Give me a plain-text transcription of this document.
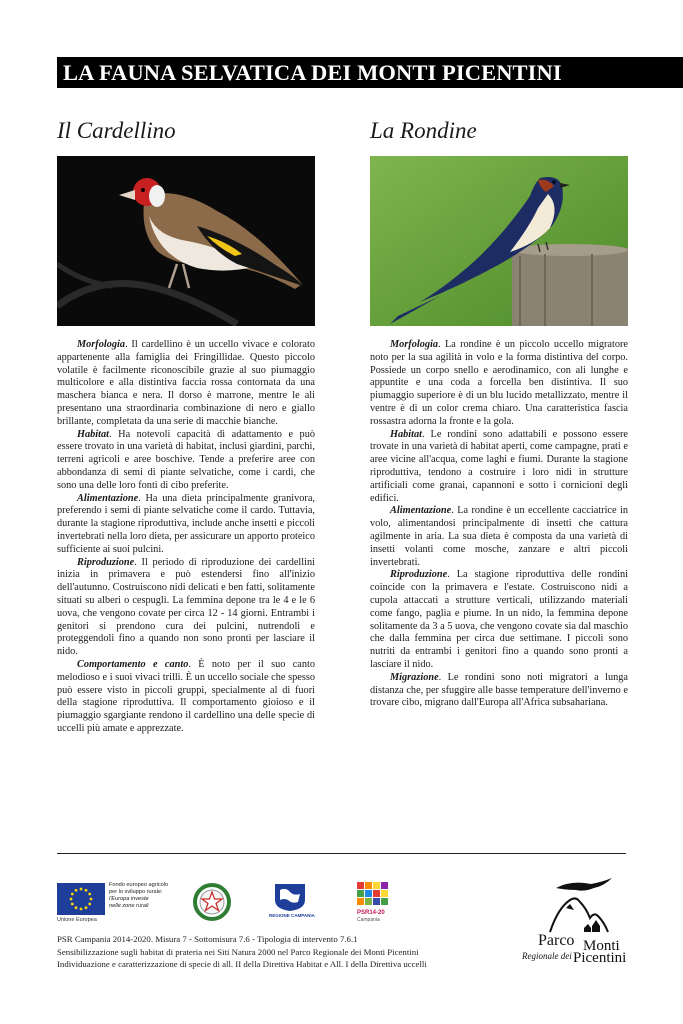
LA FAUNA SELVATICA DEI MONTI PICENTINI
Il Cardellino

Morfologia. Il cardellino è un uccello vivace e colorato appartenente alla famiglia dei Fringillidae. Questo piccolo volatile è facilmente riconoscibile grazie al suo piumaggio multicolore e alla distintiva faccia rossa contornata da una maschera bianca e nera. Il dorso è marrone, mentre le ali presentano una straordinaria combinazione di nero e giallo brillante, completata da una serie di macchie bianche.

Habitat. Ha notevoli capacità di adattamento e può essere trovato in una varietà di habitat, inclusi giardini, parchi, terreni agricoli e aree boschive. Tende a preferire aree con abbondanza di semi di piante selvatiche, come i cardi, che sono una delle loro fonti di cibo preferite.

Alimentazione. Ha una dieta principalmente granivora, preferendo i semi di piante selvatiche come il cardo. Tuttavia, durante la stagione riproduttiva, include anche insetti e piccoli invertebrati nella loro dieta, per assicurare un apporto proteico sufficiente ai suoi pulcini.

Riproduzione. Il periodo di riproduzione dei cardellini inizia in primavera e può estendersi fino all'inizio dell'autunno. Costruiscono nidi delicati e ben fatti, solitamente situati su alberi o cespugli. La femmina depone tra le 4 e le 6 uova, che vengono covate per circa 12 - 14 giorni. Entrambi i genitori si prendono cura dei pulcini, nutrendoli e proteggendoli fino a quando non sono pronti per lasciare il nido.

Comportamento e canto. È noto per il suo canto melodioso e i suoi vivaci trilli. È un uccello sociale che spesso può essere visto in piccoli gruppi, specialmente al di fuori della stagione riproduttiva. Il comportamento gioioso e il piumaggio sgargiante rendono il cardellino una delle specie di uccelli più amate e apprezzate.

La Rondine

Morfologia. La rondine è un piccolo uccello migratore noto per la sua agilità in volo e la forma distintiva del corpo. Possiede un corpo snello e aerodinamico, con ali lunghe e appuntite e una coda a forcella ben distintiva. Il suo piumaggio superiore è di un blu lucido metallizzato, mentre il ventre è di un color crema chiaro. Una caratteristica fascia rossastra adorna la fronte e la gola.

Habitat. Le rondini sono adattabili e possono essere trovate in una varietà di habitat aperti, come campagne, prati e aree vicine all'acqua, come laghi e fiumi. Durante la stagione riproduttiva, tendono a costruire i loro nidi in strutture artificiali come granai, capannoni e sotto i cornicioni degli edifici.

Alimentazione. La rondine è un eccellente cacciatrice in volo, alimentandosi principalmente di insetti che cattura agilmente in aria. La sua dieta è composta da una varietà di insetti volanti come mosche, zanzare e altri piccoli invertebrati.

Riproduzione. La stagione riproduttiva delle rondini coincide con la primavera e l'estate. Costruiscono nidi a cupola attaccati a strutture verticali, utilizzando materiali come fango, paglia e piume. In un nido, la femmina depone solitamente da 3 a 5 uova, che vengono covate sia dal maschio che dalla femmina per circa due settimane. I piccoli sono nutriti da entrambi i genitori fino a quando sono pronti a lasciare il nido.

Migrazione. Le rondini sono noti migratori a lunga distanza che, per sfuggire alle basse temperature dell'inverno e trovare cibo, migrano dall'Europa all'Africa subsahariana.

Unione Europea
Fondo europeo agricolo
per lo sviluppo rurale:
l'Europa investe
nelle zone rurali
REGIONE CAMPANIA	PSR14-20
Campania
PSR Campania 2014-2020. Misura 7 - Sottomisura 7.6 - Tipologia di intervento 7.6.1
Sensibilizzazione sugli habitat di prateria nei Siti Natura 2000 nel Parco Regionale dei Monti Picentini
Individuazione e caratterizzazione di specie di all. II della Direttiva Habitat e All. I della Direttiva uccelli
Parco Monti
Regionale dei Picentini
